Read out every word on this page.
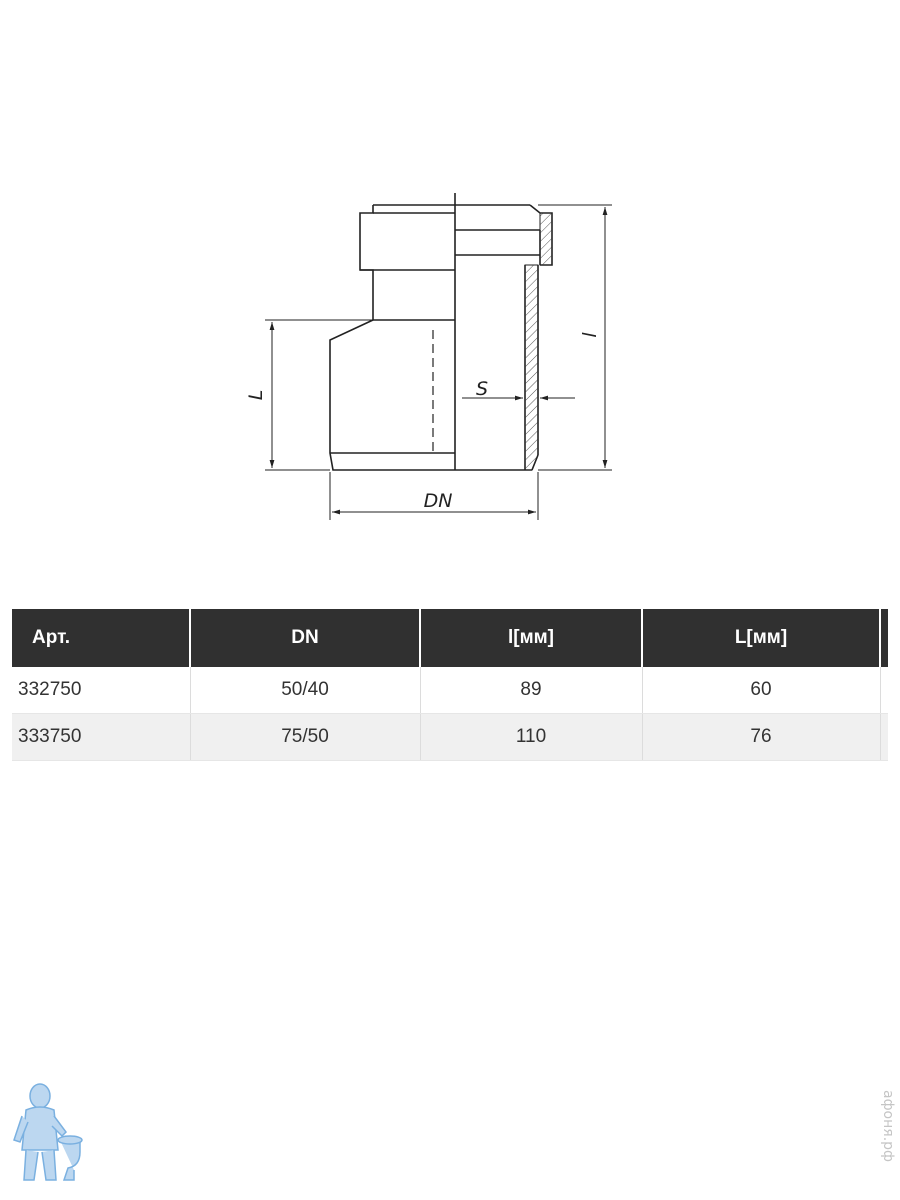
L
l
S
DN
Арт.	DN	l[мм]	L[мм]	
332750	50/40	89	60	
333750	75/50	110	76	
афоня.рф
